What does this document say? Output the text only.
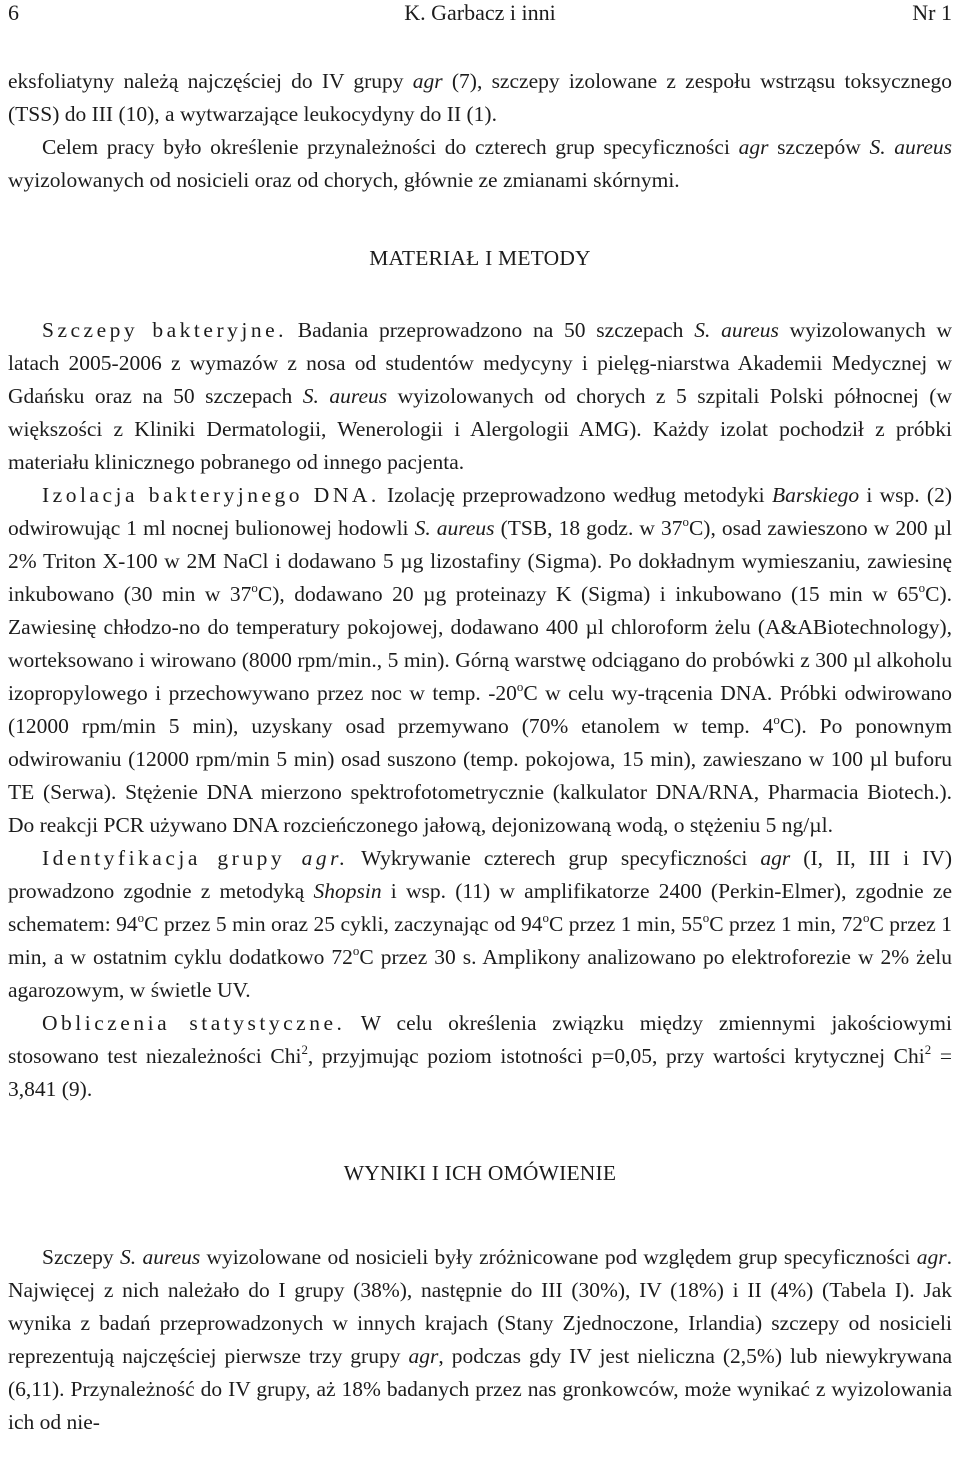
6	K. Garbacz i inni	Nr 1

eksfoliatyny należą najczęściej do IV grupy agr (7), szczepy izolowane z zespołu wstrząsu toksycznego (TSS) do III (10), a wytwarzające leukocydyny do II (1).

Celem pracy było określenie przynależności do czterech grup specyficzności agr szczepów S. aureus wyizolowanych od nosicieli oraz od chorych, głównie ze zmianami skórnymi.

MATERIAŁ I METODY

Szczepy bakteryjne. Badania przeprowadzono na 50 szczepach S. aureus wyizolowanych w latach 2005-2006 z wymazów z nosa od studentów medycyny i pielęg-niarstwa Akademii Medycznej w Gdańsku oraz na 50 szczepach S. aureus wyizolowanych od chorych z 5 szpitali Polski północnej (w większości z Kliniki Dermatologii, Wenerologii i Alergologii AMG). Każdy izolat pochodził z próbki materiału klinicznego pobranego od innego pacjenta.

Izolacja bakteryjnego DNA. Izolację przeprowadzono według metodyki Barskiego i wsp. (2) odwirowując 1 ml nocnej bulionowej hodowli S. aureus (TSB, 18 godz. w 37$^o$C), osad zawieszono w 200 µl 2% Triton X-100 w 2M NaCl i dodawano 5 µg lizostafiny (Sigma). Po dokładnym wymieszaniu, zawiesinę inkubowano (30 min w 37$^o$C), dodawano 20 µg proteinazy K (Sigma) i inkubowano (15 min w 65$^o$C). Zawiesinę chłodzo-no do temperatury pokojowej, dodawano 400 µl chloroform żelu (A&ABiotechnology), worteksowano i wirowano (8000 rpm/min., 5 min). Górną warstwę odciągano do probówki z 300 µl alkoholu izopropylowego i przechowywano przez noc w temp. -20$^o$C w celu wy-trącenia DNA. Próbki odwirowano (12000 rpm/min 5 min), uzyskany osad przemywano (70% etanolem w temp. 4$^o$C). Po ponownym odwirowaniu (12000 rpm/min 5 min) osad suszono (temp. pokojowa, 15 min), zawieszano w 100 µl buforu TE (Serwa). Stężenie DNA mierzono spektrofotometrycznie (kalkulator DNA/RNA, Pharmacia Biotech.). Do reakcji PCR używano DNA rozcieńczonego jałową, dejonizowaną wodą, o stężeniu 5 ng/µl.

Identyfikacja grupy agr. Wykrywanie czterech grup specyficzności agr (I, II, III i IV) prowadzono zgodnie z metodyką Shopsin i wsp. (11) w amplifikatorze 2400 (Perkin-Elmer), zgodnie ze schematem: 94$^o$C przez 5 min oraz 25 cykli, zaczynając od 94$^o$C przez 1 min, 55$^o$C przez 1 min, 72$^o$C przez 1 min, a w ostatnim cyklu dodatkowo 72$^o$C przez 30 s. Amplikony analizowano po elektroforezie w 2% żelu agarozowym, w świetle UV.

Obliczenia statystyczne. W celu określenia związku między zmiennymi jakościowymi stosowano test niezależności Chi$^2$, przyjmując poziom istotności p=0,05, przy wartości krytycznej Chi$^2$ = 3,841 (9).

WYNIKI I ICH OMÓWIENIE

Szczepy S. aureus wyizolowane od nosicieli były zróżnicowane pod względem grup specyficzności agr. Najwięcej z nich należało do I grupy (38%), następnie do III (30%), IV (18%) i II (4%) (Tabela I). Jak wynika z badań przeprowadzonych w innych krajach (Stany Zjednoczone, Irlandia) szczepy od nosicieli reprezentują najczęściej pierwsze trzy grupy agr, podczas gdy IV jest nieliczna (2,5%) lub niewykrywana (6,11). Przynależność do IV grupy, aż 18% badanych przez nas gronkowców, może wynikać z wyizolowania ich od nie-
